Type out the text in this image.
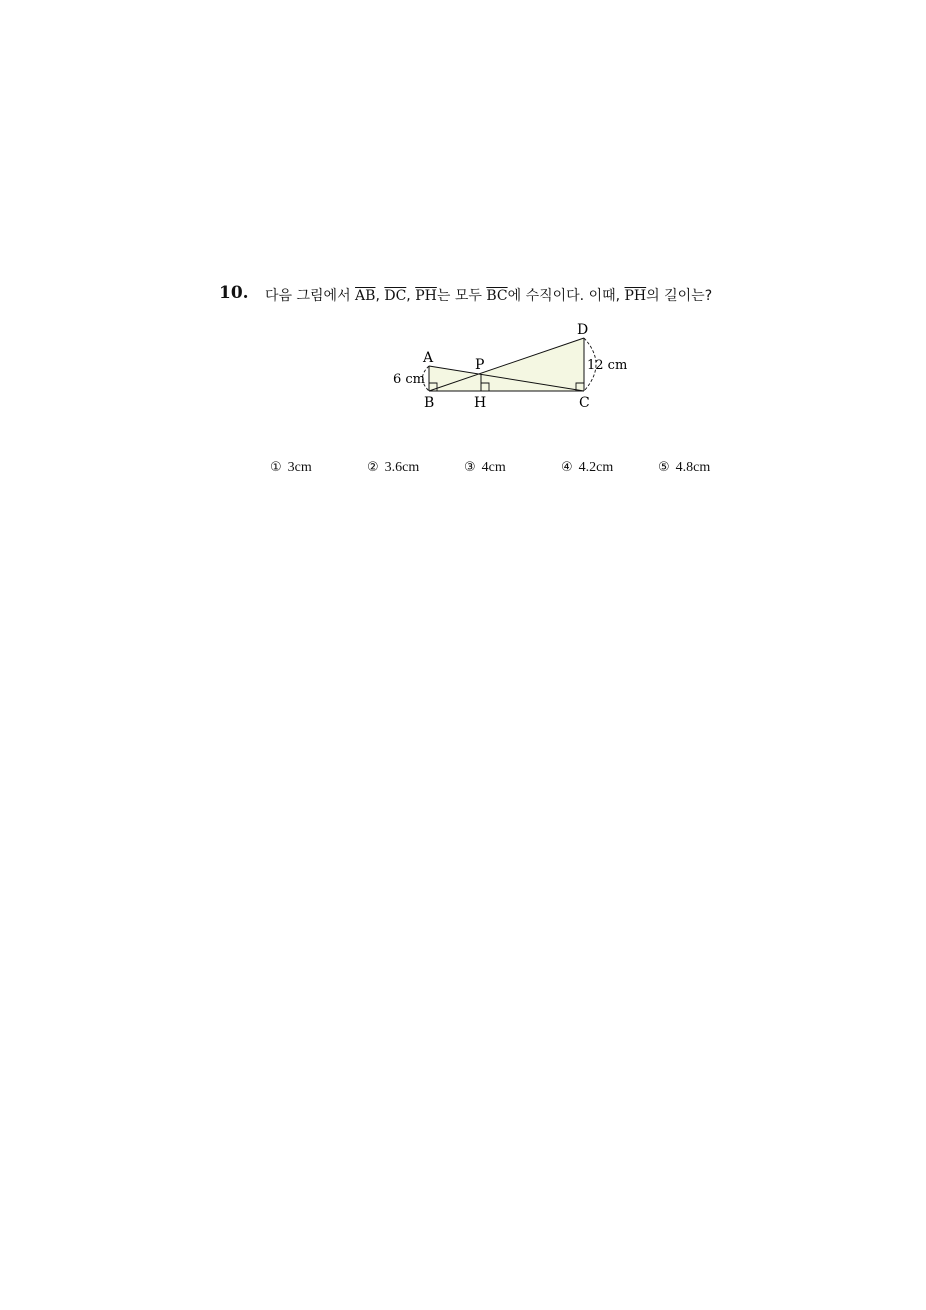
10. 다음 그림에서 $\overline{AB}$, $\overline{DC}$, $\overline{PH}$는 모두 $\overline{BC}$에 수직이다. 이때, $\overline{PH}$의 길이는?
A
B	C
D
P
H
6 cm
12 cm
① 3cm	② 3.6cm	③ 4cm	④ 4.2cm	⑤ 4.8cm
